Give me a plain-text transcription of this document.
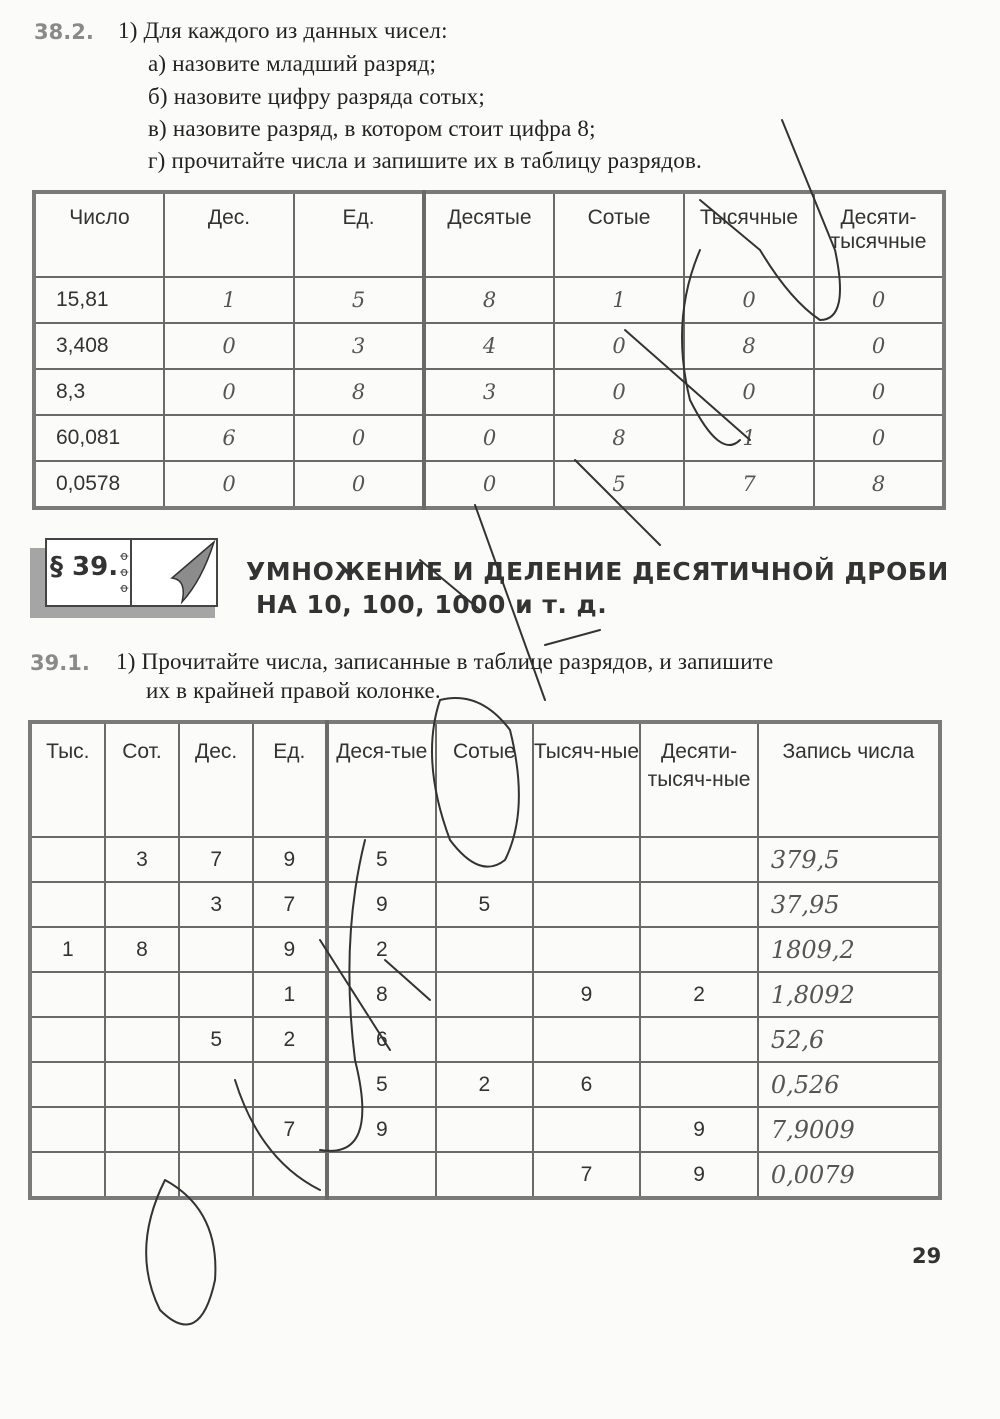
38.2. 1) Для каждого из данных чисел:
а) назовите младший разряд;
б) назовите цифру разряда сотых;
в) назовите разряд, в котором стоит цифра 8;
г) прочитайте числа и запишите их в таблицу разрядов.
Число	Дес.	Ед.	Десятые	Сотые	Тысячные	Десяти-тысячные
15,81	1	5	8	1	0	0
3,408	0	3	4	0	8	0
8,3	0	8	3	0	0	0
60,081	6	0	0	8	1	0
0,0578	0	0	0	5	7	8
§ 39. ꝋ
ꝋ
ꝋ
УМНОЖЕНИЕ И ДЕЛЕНИЕ ДЕСЯТИЧНОЙ ДРОБИ
НА 10, 100, 1000 и т. д.
39.1. 1) Прочитайте числа, записанные в таблице разрядов, и запишите
их в крайней правой колонке.
Тыс.	Сот.	Дес.	Ед.	Деся-тые	Сотые	Тысяч-ные	Десяти-тысяч-ные	Запись числа
	3	7	9	5				379,5
		3	7	9	5			37,95
1	8		9	2				1809,2
			1	8		9	2	1,8092
		5	2	6				52,6
				5	2	6		0,526
			7	9			9	7,9009
						7	9	0,0079
29
